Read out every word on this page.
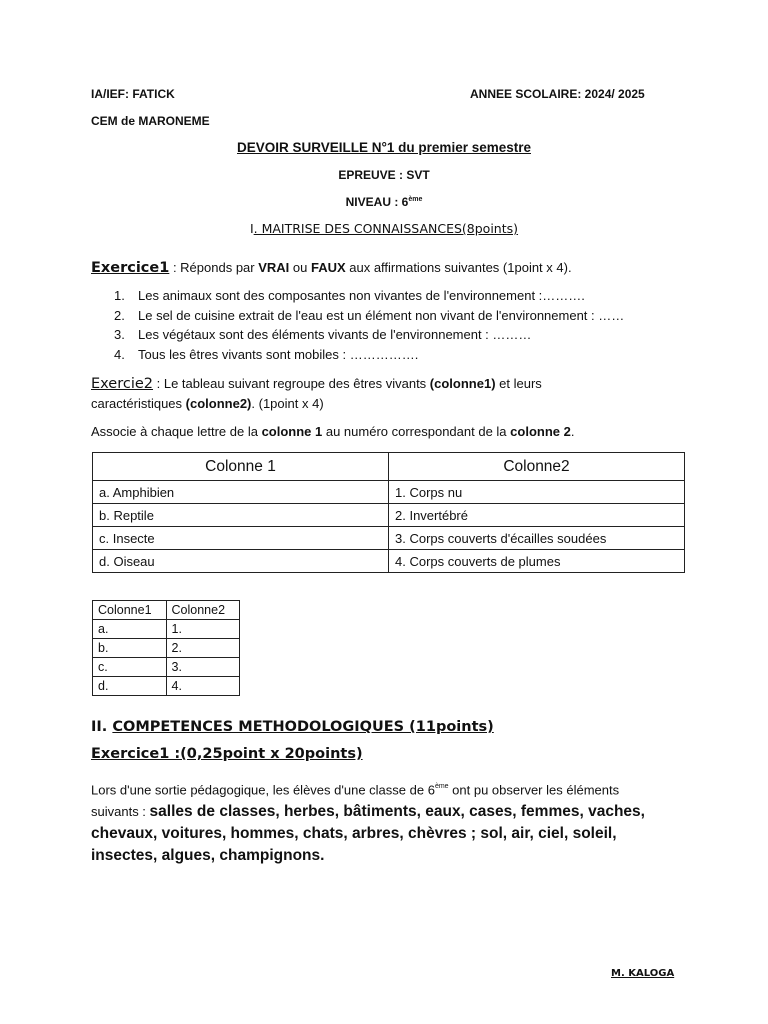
IA/IEF: FATICK	ANNEE SCOLAIRE: 2024/ 2025
CEM de MARONEME
DEVOIR SURVEILLE N°1 du premier semestre
EPREUVE : SVT
NIVEAU : 6ème
I. MAITRISE DES CONNAISSANCES(8points)
Exercice1 : Réponds par VRAI ou FAUX aux affirmations suivantes (1point x 4).
1. Les animaux sont des composantes non vivantes de l'environnement :……….
2. Le sel de cuisine extrait de l'eau est un élément non vivant de l'environnement : ……
3. Les végétaux sont des éléments vivants de l'environnement : ………
4. Tous les êtres vivants sont mobiles : …………….
Exercie2 : Le tableau suivant regroupe des êtres vivants (colonne1) et leurs
caractéristiques (colonne2). (1point x 4)
Associe à chaque lettre de la colonne 1 au numéro correspondant de la colonne 2.
Colonne 1	Colonne2
a. Amphibien	1. Corps nu
b. Reptile	2. Invertébré
c. Insecte	3. Corps couverts d'écailles soudées
d. Oiseau	4. Corps couverts de plumes
Colonne1	Colonne2
a.	1.
b.	2.
c.	3.
d.	4.
II. COMPETENCES METHODOLOGIQUES (11points)
Exercice1 :(0,25point x 20points)
Lors d'une sortie pédagogique, les élèves d'une classe de 6ème ont pu observer les éléments
suivants : salles de classes, herbes, bâtiments, eaux, cases, femmes, vaches,
chevaux, voitures, hommes, chats, arbres, chèvres ; sol, air, ciel, soleil,
insectes, algues, champignons.
M. KALOGA
